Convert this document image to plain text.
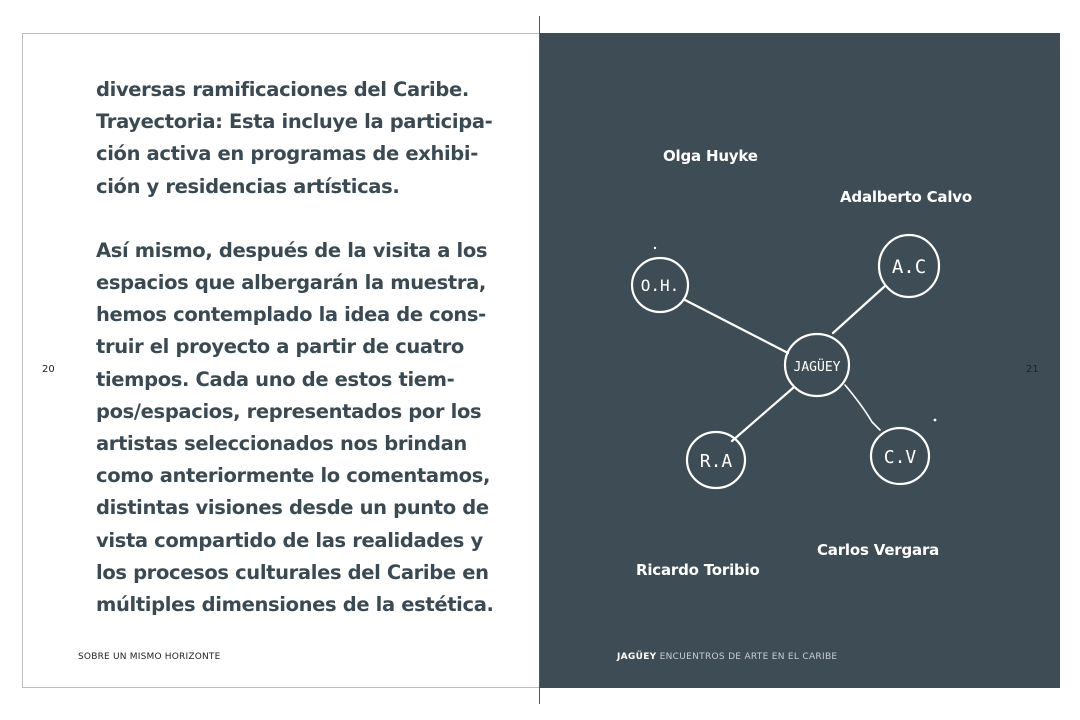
diversas ramificaciones del Caribe.
Trayectoria: Esta incluye la participa-
ción activa en programas de exhibi-
ción y residencias artísticas.

Así mismo, después de la visita a los
espacios que albergarán la muestra,
hemos contemplado la idea de cons-
truir el proyecto a partir de cuatro
tiempos. Cada uno de estos tiem-
pos/espacios, representados por los
artistas seleccionados nos brindan
como anteriormente lo comentamos,
distintas visiones desde un punto de
vista compartido de las realidades y
los procesos culturales del Caribe en
múltiples dimensiones de la estética.

20	21
SOBRE UN MISMO HORIZONTE	JAGÜEY ENCUENTROS DE ARTE EN EL CARIBE
Olga Huyke
Adalberto Calvo
Ricardo Toribio
Carlos Vergara
O.H.
A.C
JAGÜEY
R.A	C.V
